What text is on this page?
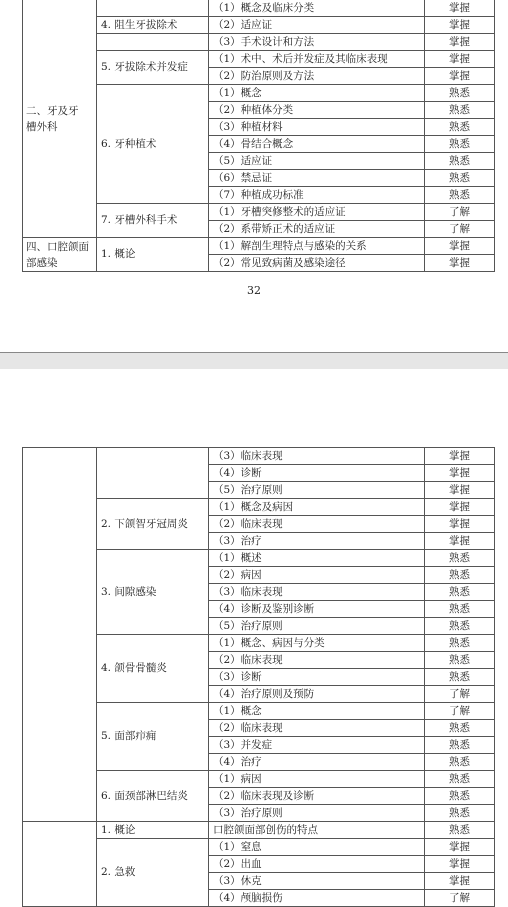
二、牙及牙槽外科		（1）概念及临床分类	掌握
	4. 阻生牙拔除术	（2）适应证	掌握
		（3）手术设计和方法	掌握
	5. 牙拔除术并发症	（1）术中、术后并发症及其临床表现	掌握
		（2）防治原则及方法	掌握
	6. 牙种植术	（1）概念	熟悉
		（2）种植体分类	熟悉
		（3）种植材料	熟悉
		（4）骨结合概念	熟悉
		（5）适应证	熟悉
		（6）禁忌证	熟悉
		（7）种植成功标准	熟悉
	7. 牙槽外科手术	（1）牙槽突修整术的适应证	了解
		（2）系带矫正术的适应证	了解

四、口腔颌面部感染	1. 概论	（1）解剖生理特点与感染的关系	掌握
		（2）常见致病菌及感染途径	掌握
32
		（3）临床表现	掌握
		（4）诊断	掌握
		（5）治疗原则	掌握
	2. 下颌智牙冠周炎	（1）概念及病因	掌握
		（2）临床表现	掌握
		（3）治疗	掌握
	3. 间隙感染	（1）概述	熟悉
		（2）病因	熟悉
		（3）临床表现	熟悉
		（4）诊断及鉴别诊断	熟悉
		（5）治疗原则	熟悉
	4. 颌骨骨髓炎	（1）概念、病因与分类	熟悉
		（2）临床表现	熟悉
		（3）诊断	熟悉
		（4）治疗原则及预防	了解
	5. 面部疖痈	（1）概念	了解
		（2）临床表现	熟悉
		（3）并发症	熟悉
		（4）治疗	熟悉
	6. 面颈部淋巴结炎	（1）病因	熟悉
		（2）临床表现及诊断	熟悉
		（3）治疗原则	熟悉
	1. 概论	口腔颌面部创伤的特点	熟悉
	2. 急救	（1）窒息	掌握
		（2）出血	掌握
		（3）休克	掌握
		（4）颅脑损伤	了解
